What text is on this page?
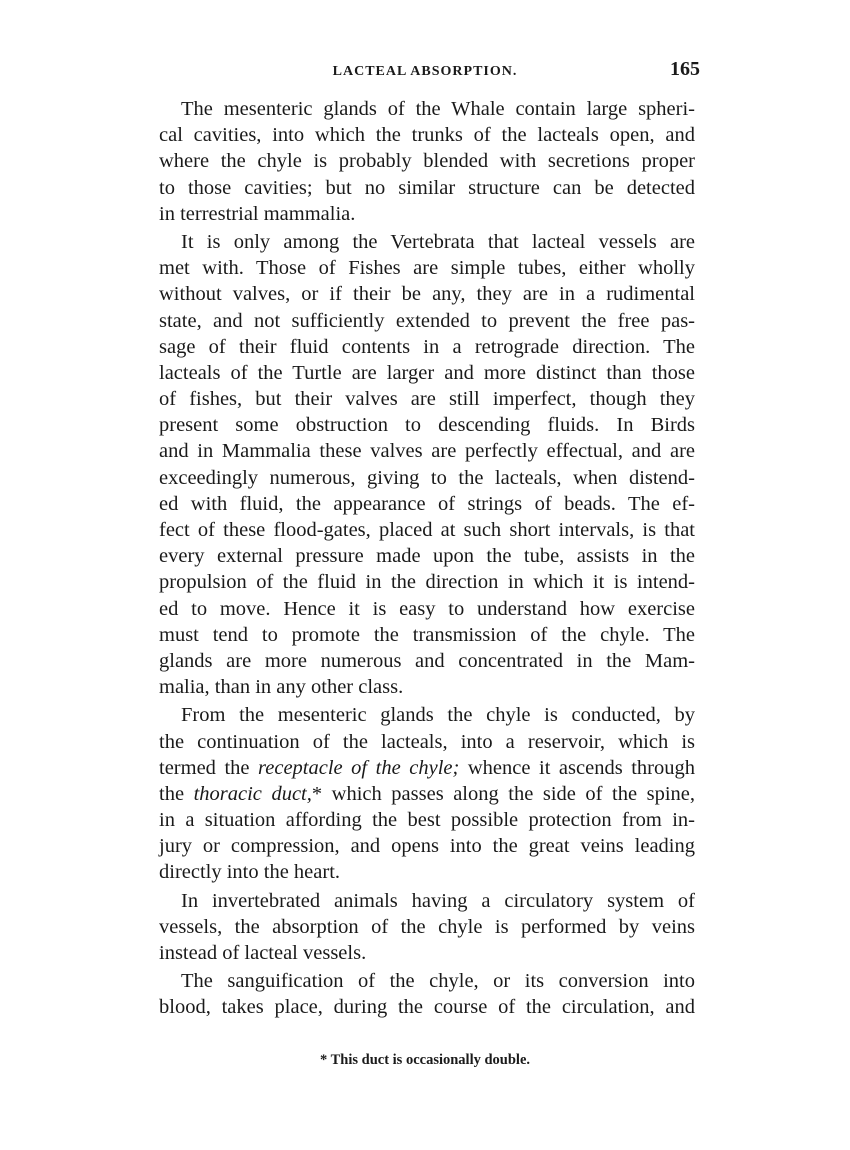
LACTEAL ABSORPTION.	165
The mesenteric glands of the Whale contain large spheri-
cal cavities, into which the trunks of the lacteals open, and
where the chyle is probably blended with secretions proper
to those cavities; but no similar structure can be detected
in terrestrial mammalia.
It is only among the Vertebrata that lacteal vessels are
met with. Those of Fishes are simple tubes, either wholly
without valves, or if their be any, they are in a rudimental
state, and not sufficiently extended to prevent the free pas-
sage of their fluid contents in a retrograde direction. The
lacteals of the Turtle are larger and more distinct than those
of fishes, but their valves are still imperfect, though they
present some obstruction to descending fluids. In Birds
and in Mammalia these valves are perfectly effectual, and are
exceedingly numerous, giving to the lacteals, when distend-
ed with fluid, the appearance of strings of beads. The ef-
fect of these flood-gates, placed at such short intervals, is that
every external pressure made upon the tube, assists in the
propulsion of the fluid in the direction in which it is intend-
ed to move. Hence it is easy to understand how exercise
must tend to promote the transmission of the chyle. The
glands are more numerous and concentrated in the Mam-
malia, than in any other class.
From the mesenteric glands the chyle is conducted, by
the continuation of the lacteals, into a reservoir, which is
termed the receptacle of the chyle; whence it ascends through
the thoracic duct,* which passes along the side of the spine,
in a situation affording the best possible protection from in-
jury or compression, and opens into the great veins leading
directly into the heart.
In invertebrated animals having a circulatory system of
vessels, the absorption of the chyle is performed by veins
instead of lacteal vessels.
The sanguification of the chyle, or its conversion into
blood, takes place, during the course of the circulation, and
* This duct is occasionally double.
